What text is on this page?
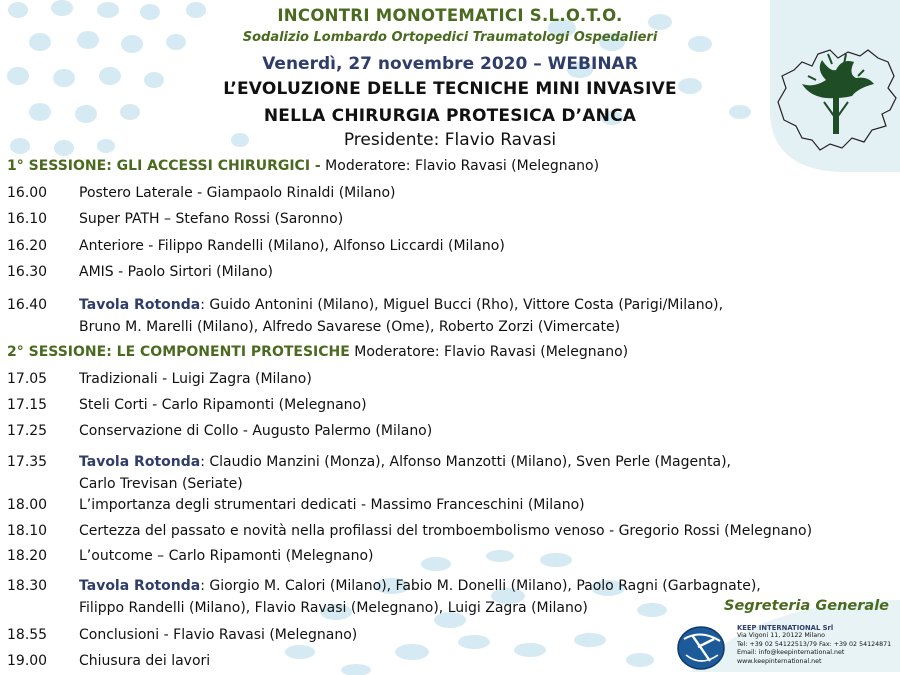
INCONTRI MONOTEMATICI S.L.O.T.O.
Sodalizio Lombardo Ortopedici Traumatologi Ospedalieri
Venerdì, 27 novembre 2020 – WEBINAR
L’EVOLUZIONE DELLE TECNICHE MINI INVASIVE
NELLA CHIRURGIA PROTESICA D’ANCA
Presidente: Flavio Ravasi
1° SESSIONE: GLI ACCESSI CHIRURGICI - Moderatore: Flavio Ravasi (Melegnano)
16.00	Postero Laterale - Giampaolo Rinaldi (Milano)
16.10	Super PATH – Stefano Rossi (Saronno)
16.20	Anteriore - Filippo Randelli (Milano), Alfonso Liccardi (Milano)
16.30	AMIS - Paolo Sirtori (Milano)
16.40	Tavola Rotonda: Guido Antonini (Milano), Miguel Bucci (Rho), Vittore Costa (Parigi/Milano),
Bruno M. Marelli (Milano), Alfredo Savarese (Ome), Roberto Zorzi (Vimercate)
2° SESSIONE: LE COMPONENTI PROTESICHE Moderatore: Flavio Ravasi (Melegnano)
17.05	Tradizionali - Luigi Zagra (Milano)
17.15	Steli Corti - Carlo Ripamonti (Melegnano)
17.25	Conservazione di Collo - Augusto Palermo (Milano)
17.35	Tavola Rotonda: Claudio Manzini (Monza), Alfonso Manzotti (Milano), Sven Perle (Magenta),
Carlo Trevisan (Seriate)
18.00	L’importanza degli strumentari dedicati - Massimo Franceschini (Milano)
18.10	Certezza del passato e novità nella profilassi del tromboembolismo venoso - Gregorio Rossi (Melegnano)
18.20	L’outcome – Carlo Ripamonti (Melegnano)
18.30	Tavola Rotonda: Giorgio M. Calori (Milano), Fabio M. Donelli (Milano), Paolo Ragni (Garbagnate),
Filippo Randelli (Milano), Flavio Ravasi (Melegnano), Luigi Zagra (Milano)
18.55	Conclusioni - Flavio Ravasi (Melegnano)
19.00	Chiusura dei lavori
Segreteria Generale
KEEP INTERNATIONAL Srl
Via Vigoni 11, 20122 Milano
Tel: +39 02 54122513/79 Fax: +39 02 54124871
Email: info@keepinternational.net
www.keepinternational.net
